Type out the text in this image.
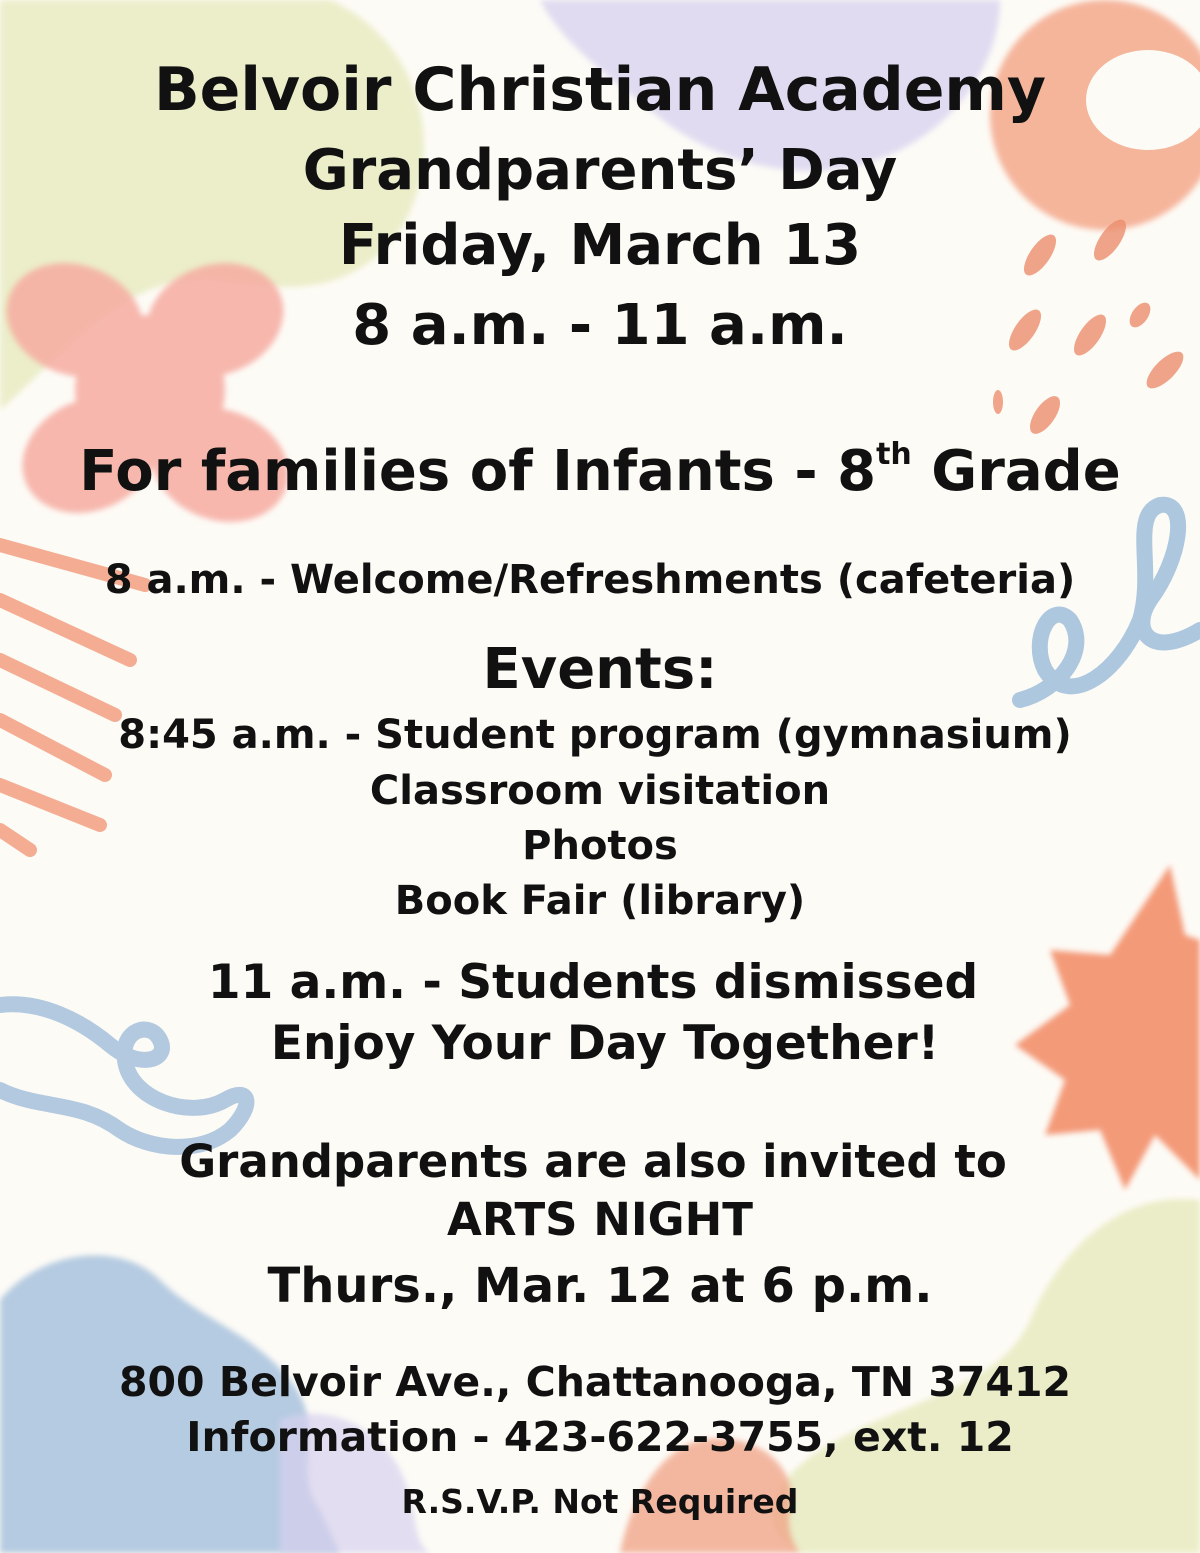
Belvoir Christian Academy
Grandparents’ Day
Friday, March 13
8 a.m. - 11 a.m.
For families of Infants - 8th Grade
8 a.m. - Welcome/Refreshments (cafeteria)
Events:
8:45 a.m. - Student program (gymnasium)
Classroom visitation
Photos
Book Fair (library)
11 a.m. - Students dismissed
Enjoy Your Day Together!
Grandparents are also invited to
ARTS NIGHT
Thurs., Mar. 12 at 6 p.m.
800 Belvoir Ave., Chattanooga, TN 37412
Information - 423-622-3755, ext. 12
R.S.V.P. Not Required
